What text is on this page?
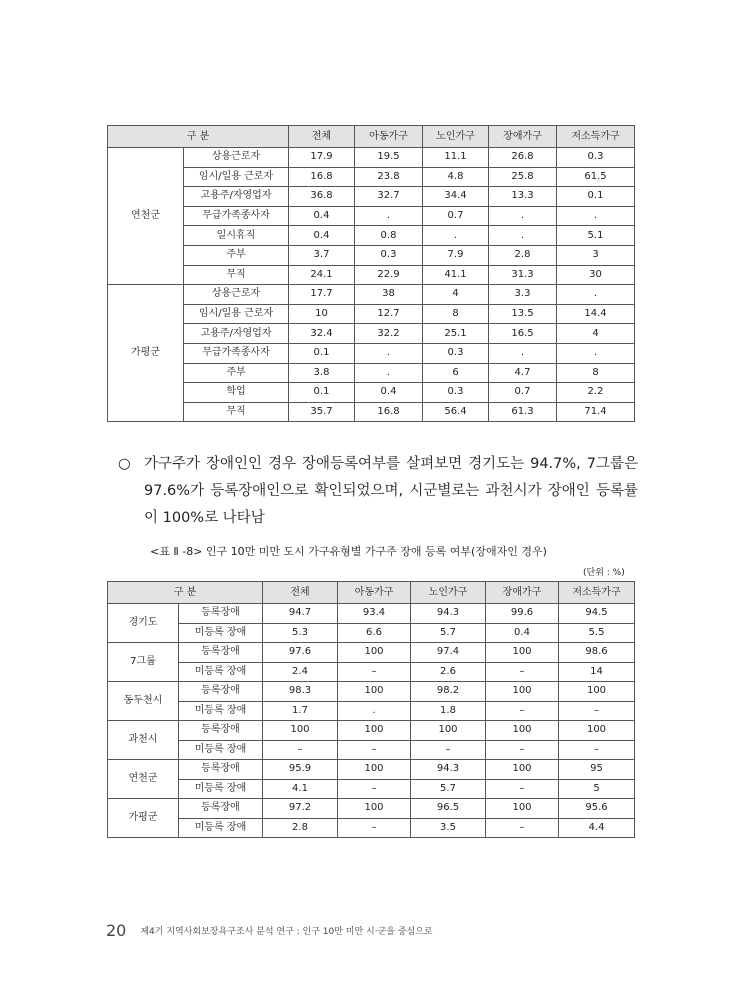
구 분		전체	아동가구	노인가구	장애가구	저소득가구
연천군	상용근로자	17.9	19.5	11.1	26.8	0.3
	임시/일용 근로자	16.8	23.8	4.8	25.8	61.5
	고용주/자영업자	36.8	32.7	34.4	13.3	0.1
	무급가족종사자	0.4	.	0.7	.	.
	일시휴직	0.4	0.8	.	.	5.1
	주부	3.7	0.3	7.9	2.8	3
	무직	24.1	22.9	41.1	31.3	30
가평군	상용근로자	17.7	38	4	3.3	.
	임시/일용 근로자	10	12.7	8	13.5	14.4
	고용주/자영업자	32.4	32.2	25.1	16.5	4
	무급가족종사자	0.1	.	0.3	.	.
	주부	3.8	.	6	4.7	8
	학업	0.1	0.4	0.3	0.7	2.2
	무직	35.7	16.8	56.4	61.3	71.4
○ 가구주가 장애인인 경우 장애등록여부를 살펴보면 경기도는 94.7%, 7그룹은 97.6%가 등록장애인으로 확인되었으며, 시군별로는 과천시가 장애인 등록률이 100%로 나타남
<표 Ⅱ -8> 인구 10만 미만 도시 가구유형별 가구주 장애 등록 여부(장애자인 경우)
(단위 : %)
구 분		전체	아동가구	노인가구	장애가구	저소득가구
경기도	등록장애	94.7	93.4	94.3	99.6	94.5
	미등록 장애	5.3	6.6	5.7	0.4	5.5
7그룹	등록장애	97.6	100	97.4	100	98.6
	미등록 장애	2.4	–	2.6	–	14
동두천시	등록장애	98.3	100	98.2	100	100
	미등록 장애	1.7	.	1.8	–	–
과천시	등록장애	100	100	100	100	100
	미등록 장애	–	–	–	–	–
연천군	등록장애	95.9	100	94.3	100	95
	미등록 장애	4.1	–	5.7	–	5
가평군	등록장애	97.2	100	96.5	100	95.6
	미등록 장애	2.8	–	3.5	–	4.4
20 제4기 지역사회보장욕구조사 분석 연구 : 인구 10만 미만 시·군을 중심으로
